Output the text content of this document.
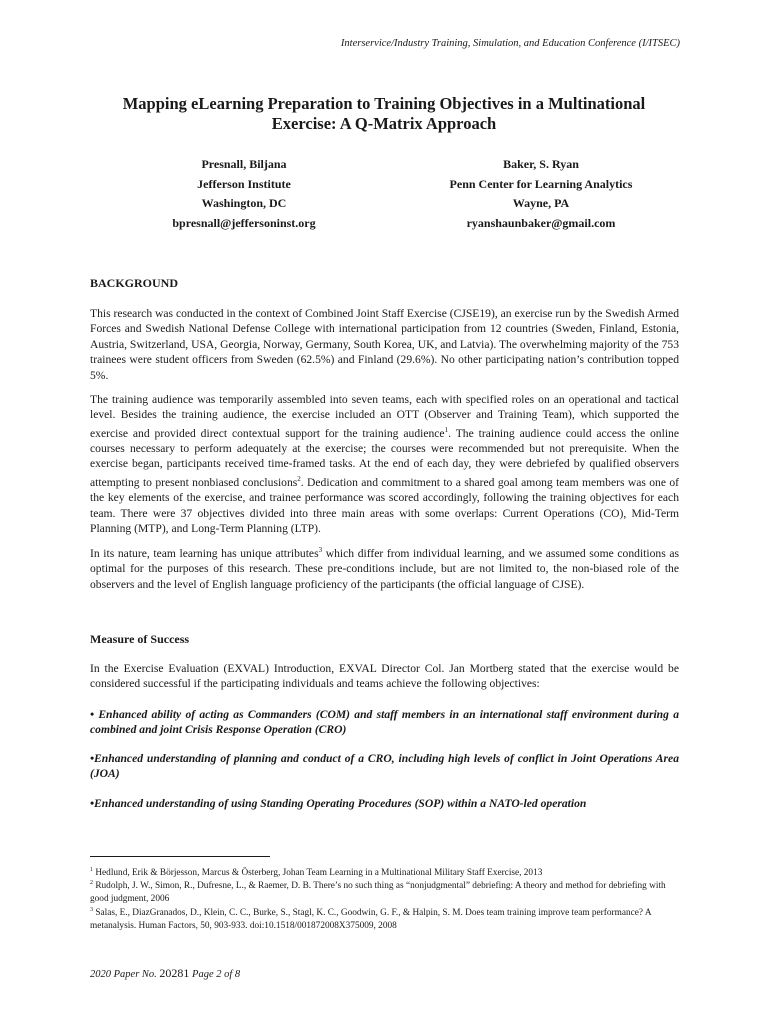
Interservice/Industry Training, Simulation, and Education Conference (I/ITSEC)
Mapping eLearning Preparation to Training Objectives in a Multinational Exercise: A Q-Matrix Approach
Presnall, Biljana
Jefferson Institute
Washington, DC
bpresnall@jeffersoninst.org
Baker, S. Ryan
Penn Center for Learning Analytics
Wayne, PA
ryanshaunbaker@gmail.com
BACKGROUND
This research was conducted in the context of Combined Joint Staff Exercise (CJSE19), an exercise run by the Swedish Armed Forces and Swedish National Defense College with international participation from 12 countries (Sweden, Finland, Estonia, Austria, Switzerland, USA, Georgia, Norway, Germany, South Korea, UK, and Latvia). The overwhelming majority of the 753 trainees were student officers from Sweden (62.5%) and Finland (29.6%). No other participating nation’s contribution topped 5%.
The training audience was temporarily assembled into seven teams, each with specified roles on an operational and tactical level. Besides the training audience, the exercise included an OTT (Observer and Training Team), which supported the exercise and provided direct contextual support for the training audience$^1$. The training audience could access the online courses necessary to perform adequately at the exercise; the courses were recommended but not prerequisite. When the exercise began, participants received time-framed tasks. At the end of each day, they were debriefed by qualified observers attempting to present nonbiased conclusions$^2$. Dedication and commitment to a shared goal among team members was one of the key elements of the exercise, and trainee performance was scored accordingly, following the training objectives for each team. There were 37 objectives divided into three main areas with some overlaps: Current Operations (CO), Mid-Term Planning (MTP), and Long-Term Planning (LTP).
In its nature, team learning has unique attributes$^3$ which differ from individual learning, and we assumed some conditions as optimal for the purposes of this research. These pre-conditions include, but are not limited to, the non-biased role of the observers and the level of English language proficiency of the participants (the official language of CJSE).
Measure of Success
In the Exercise Evaluation (EXVAL) Introduction, EXVAL Director Col. Jan Mortberg stated that the exercise would be considered successful if the participating individuals and teams achieve the following objectives:
• Enhanced ability of acting as Commanders (COM) and staff members in an international staff environment during a combined and joint Crisis Response Operation (CRO)
•Enhanced understanding of planning and conduct of a CRO, including high levels of conflict in Joint Operations Area (JOA)
•Enhanced understanding of using Standing Operating Procedures (SOP) within a NATO-led operation
$^1$ Hedlund, Erik & Börjesson, Marcus & Österberg, Johan Team Learning in a Multinational Military Staff Exercise, 2013
$^2$ Rudolph, J. W., Simon, R., Dufresne, L., & Raemer, D. B. There’s no such thing as “nonjudgmental” debriefing: A theory and method for debriefing with good judgment, 2006
$^3$ Salas, E., DiazGranados, D., Klein, C. C., Burke, S., Stagl, K. C., Goodwin, G. F., & Halpin, S. M. Does team training improve team performance? A metanalysis. Human Factors, 50, 903-933. doi:10.1518/001872008X375009, 2008
2020 Paper No. 20281 Page 2 of 8
